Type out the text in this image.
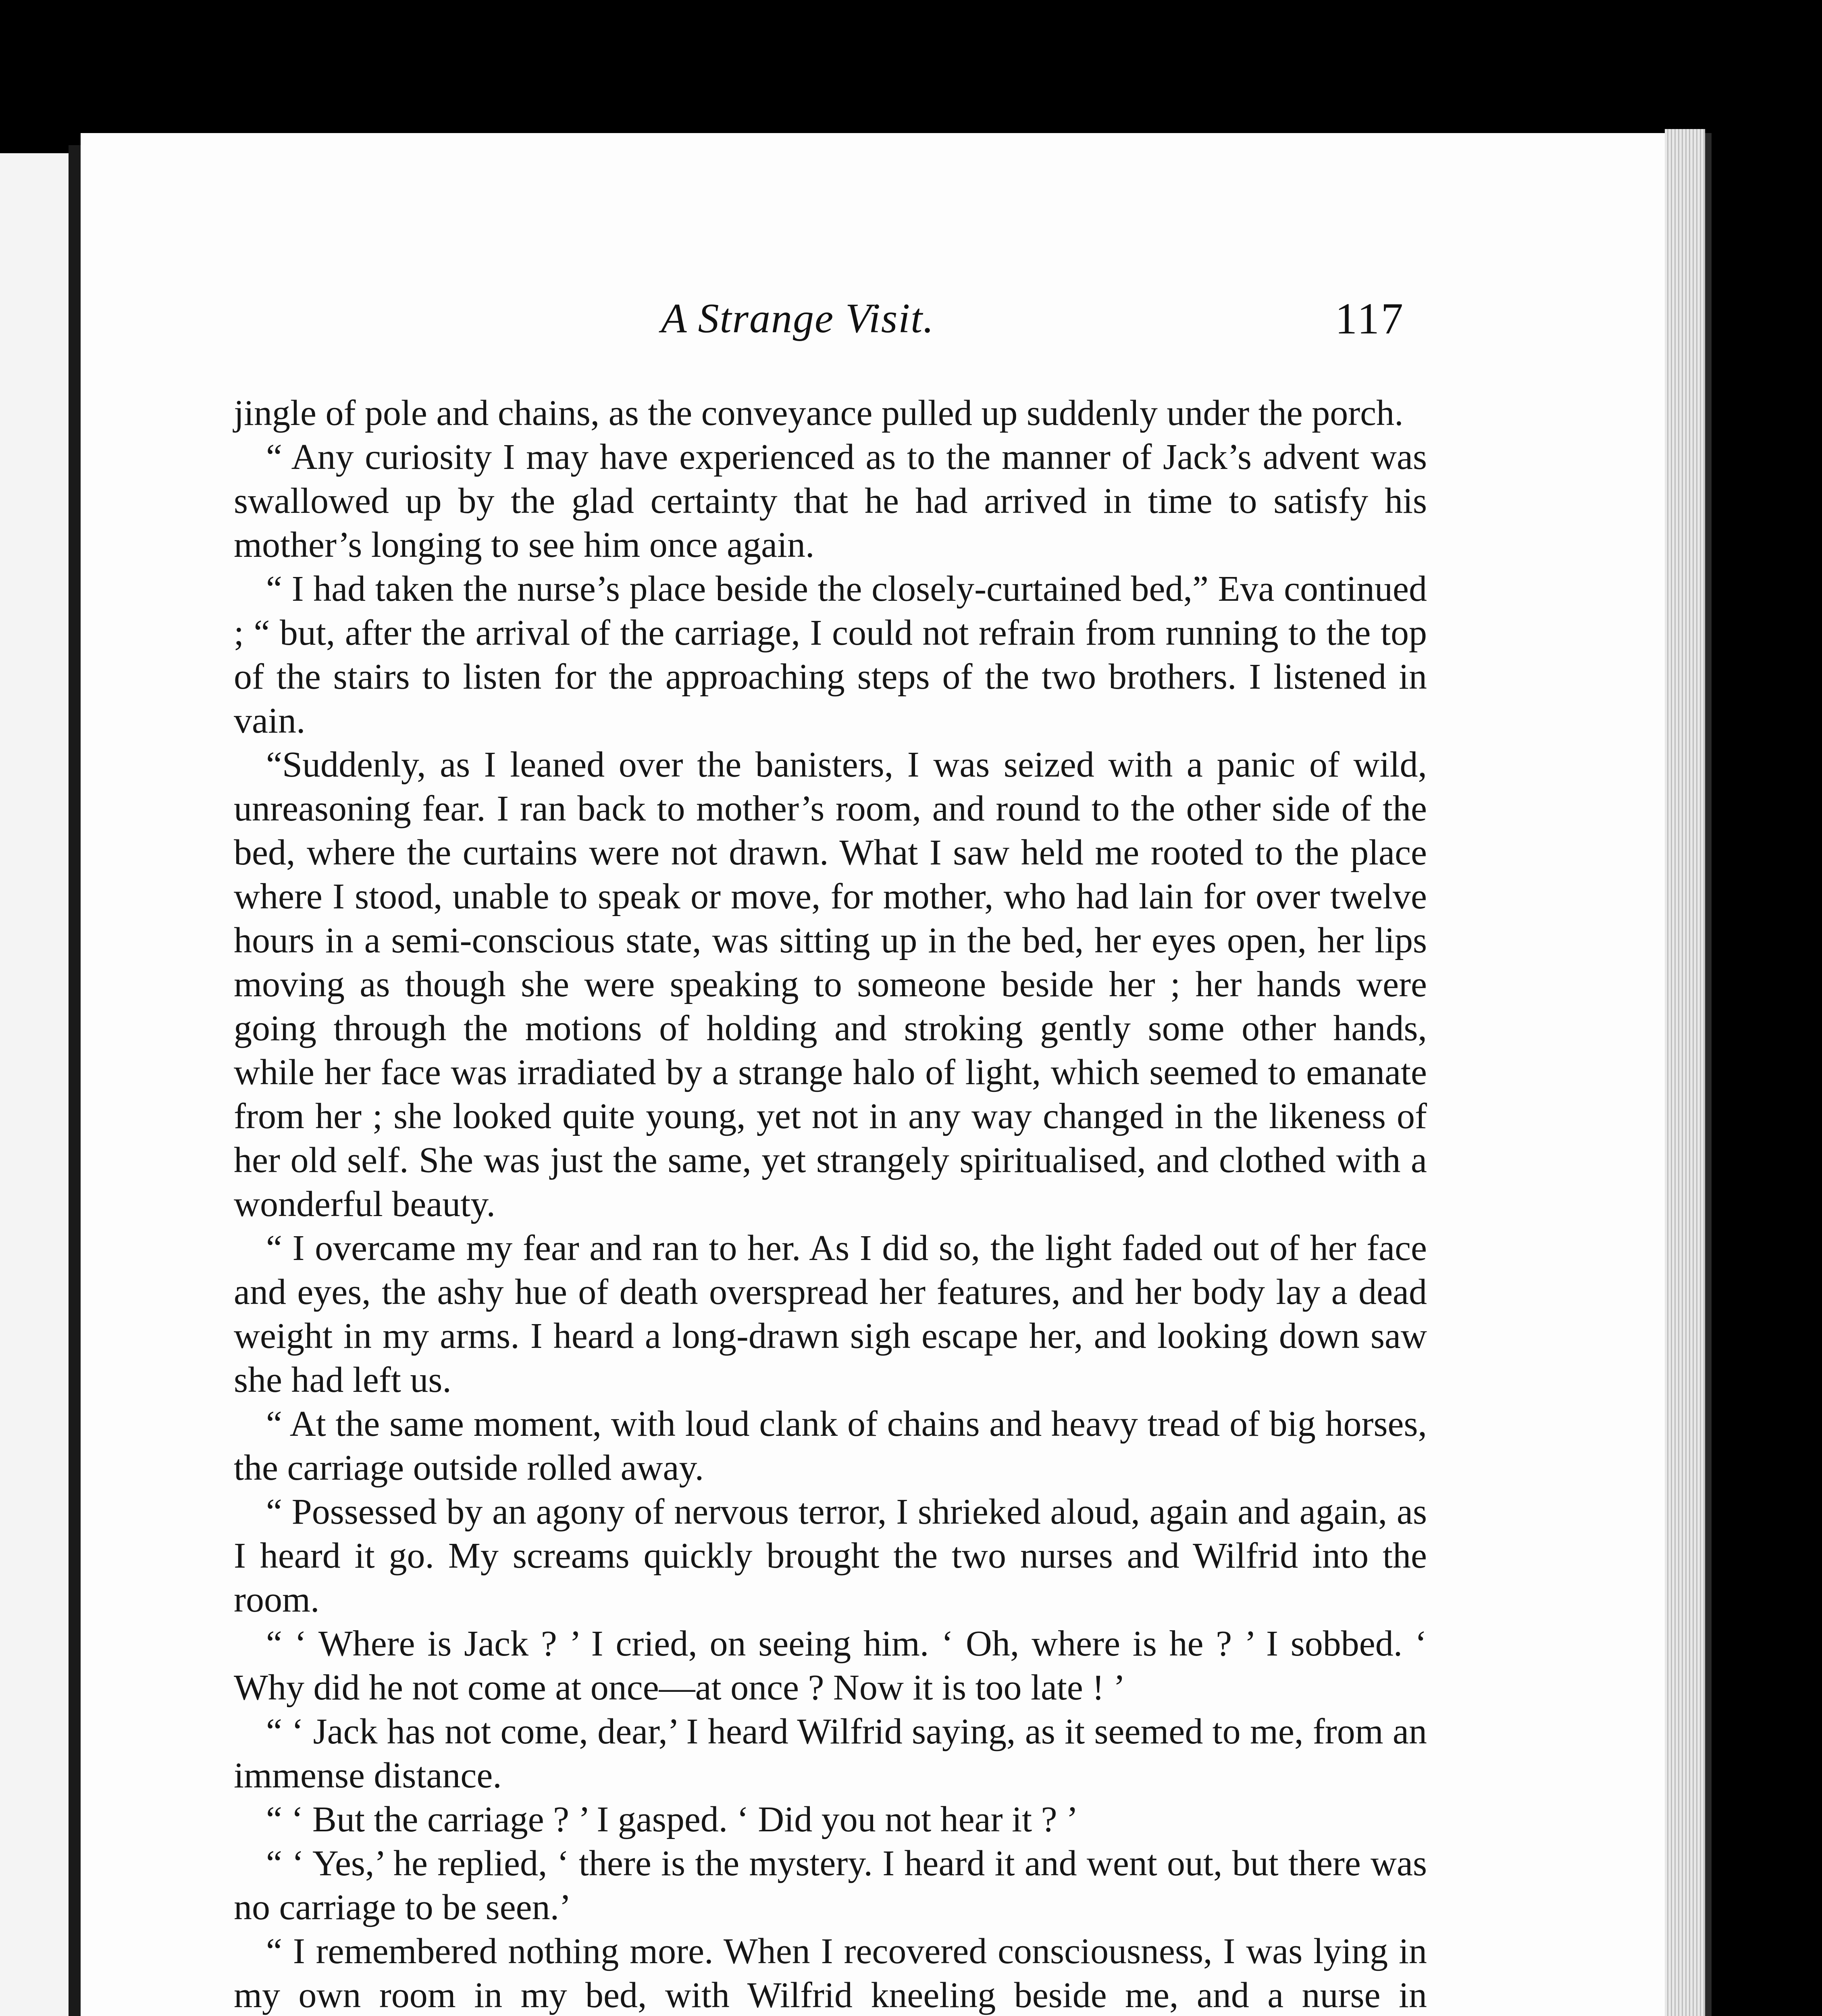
A Strange Visit.	117

jingle of pole and chains, as the conveyance pulled up suddenly under the porch.

“ Any curiosity I may have experienced as to the manner of Jack’s advent was swallowed up by the glad certainty that he had arrived in time to satisfy his mother’s longing to see him once again.

“ I had taken the nurse’s place beside the closely-curtained bed,” Eva continued ; “ but, after the arrival of the carriage, I could not refrain from running to the top of the stairs to listen for the approaching steps of the two brothers. I listened in vain.

“Suddenly, as I leaned over the banisters, I was seized with a panic of wild, unreasoning fear. I ran back to mother’s room, and round to the other side of the bed, where the curtains were not drawn. What I saw held me rooted to the place where I stood, unable to speak or move, for mother, who had lain for over twelve hours in a semi-conscious state, was sitting up in the bed, her eyes open, her lips moving as though she were speaking to someone beside her ; her hands were going through the motions of holding and stroking gently some other hands, while her face was irradiated by a strange halo of light, which seemed to emanate from her ; she looked quite young, yet not in any way changed in the likeness of her old self. She was just the same, yet strangely spiritualised, and clothed with a wonderful beauty.

“ I overcame my fear and ran to her. As I did so, the light faded out of her face and eyes, the ashy hue of death overspread her features, and her body lay a dead weight in my arms. I heard a long-drawn sigh escape her, and looking down saw she had left us.

“ At the same moment, with loud clank of chains and heavy tread of big horses, the carriage outside rolled away.

“ Possessed by an agony of nervous terror, I shrieked aloud, again and again, as I heard it go. My screams quickly brought the two nurses and Wilfrid into the room.

“ ‘ Where is Jack ? ’ I cried, on seeing him. ‘ Oh, where is he ? ’ I sobbed. ‘ Why did he not come at once—at once ? Now it is too late ! ’

“ ‘ Jack has not come, dear,’ I heard Wilfrid saying, as it seemed to me, from an immense distance.

“ ‘ But the carriage ? ’ I gasped. ‘ Did you not hear it ? ’

“ ‘ Yes,’ he replied, ‘ there is the mystery. I heard it and went out, but there was no carriage to be seen.’

“ I remembered nothing more. When I recovered consciousness, I was lying in my own room in my bed, with Wilfrid kneeling beside me, and a nurse in
